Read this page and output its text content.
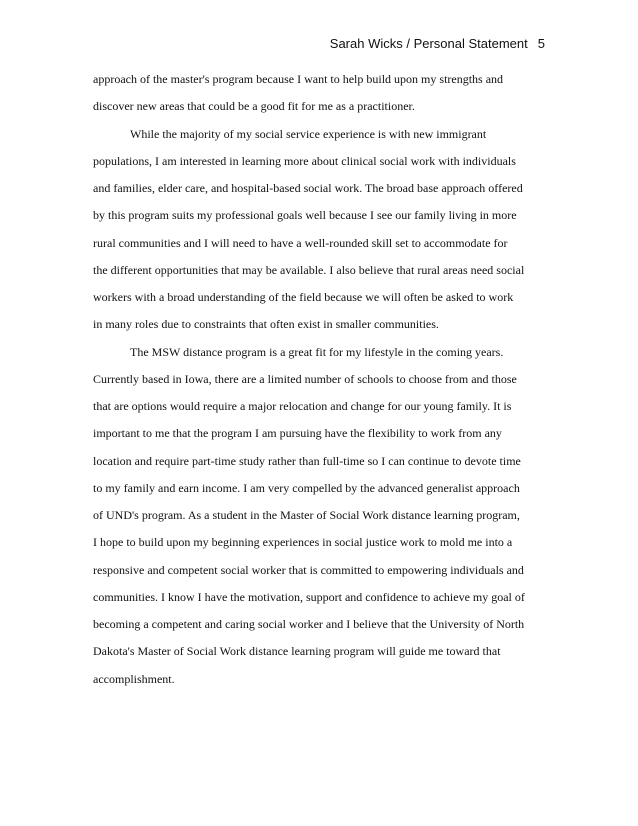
Sarah Wicks / Personal Statement 5
approach of the master's program because I want to help build upon my strengths and
discover new areas that could be a good fit for me as a practitioner.
While the majority of my social service experience is with new immigrant
populations, I am interested in learning more about clinical social work with individuals
and families, elder care, and hospital-based social work. The broad base approach offered
by this program suits my professional goals well because I see our family living in more
rural communities and I will need to have a well-rounded skill set to accommodate for
the different opportunities that may be available. I also believe that rural areas need social
workers with a broad understanding of the field because we will often be asked to work
in many roles due to constraints that often exist in smaller communities.
The MSW distance program is a great fit for my lifestyle in the coming years.
Currently based in Iowa, there are a limited number of schools to choose from and those
that are options would require a major relocation and change for our young family. It is
important to me that the program I am pursuing have the flexibility to work from any
location and require part-time study rather than full-time so I can continue to devote time
to my family and earn income. I am very compelled by the advanced generalist approach
of UND's program. As a student in the Master of Social Work distance learning program,
I hope to build upon my beginning experiences in social justice work to mold me into a
responsive and competent social worker that is committed to empowering individuals and
communities. I know I have the motivation, support and confidence to achieve my goal of
becoming a competent and caring social worker and I believe that the University of North
Dakota's Master of Social Work distance learning program will guide me toward that
accomplishment.
